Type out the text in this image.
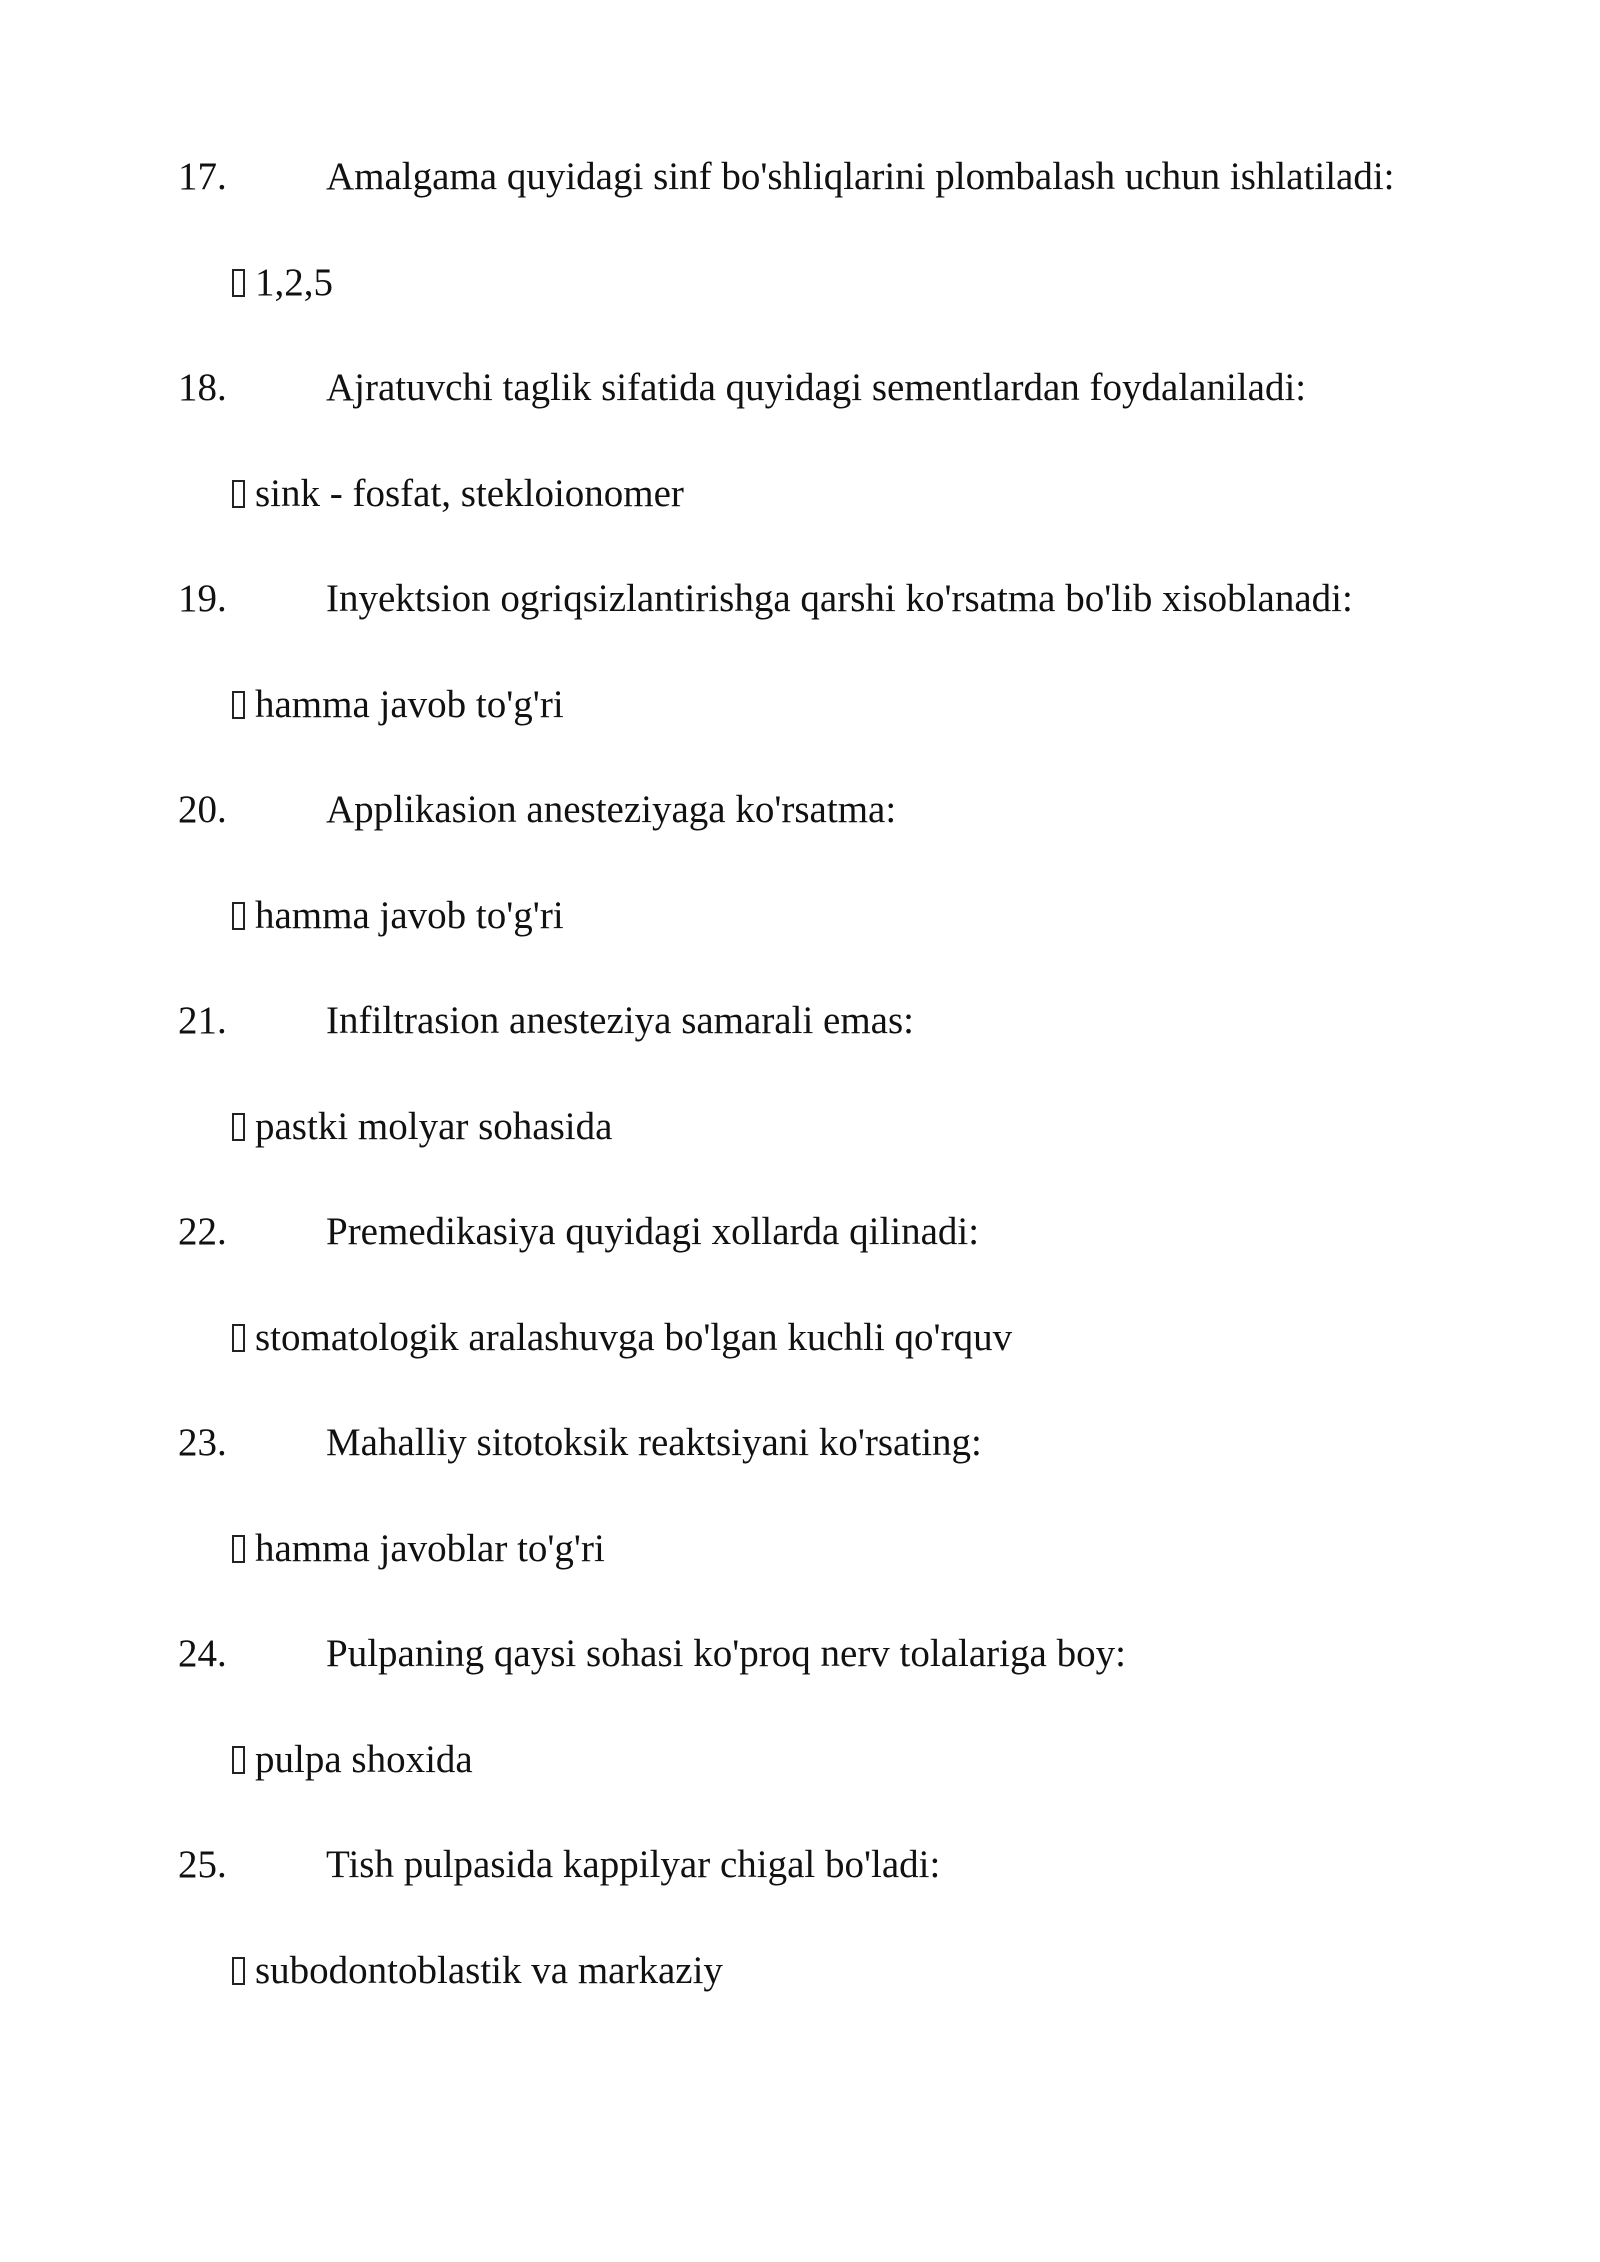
17.	Amalgama quyidagi sinf bo'shliqlarini plombalash uchun ishlatiladi:
1,2,5
18.	Ajratuvchi taglik sifatida quyidagi sementlardan foydalaniladi:
sink - fosfat, stekloionomer
19.	Inyektsion ogriqsizlantirishga qarshi ko'rsatma bo'lib xisoblanadi:
hamma javob to'g'ri
20.	Applikasion anesteziyaga ko'rsatma:
hamma javob to'g'ri
21.	Infiltrasion anesteziya samarali emas:
pastki molyar sohasida
22.	Premedikasiya quyidagi xollarda qilinadi:
stomatologik aralashuvga bo'lgan kuchli qo'rquv
23.	Mahalliy sitotoksik reaktsiyani ko'rsating:
hamma javoblar to'g'ri
24.	Pulpaning qaysi sohasi ko'proq nerv tolalariga boy:
pulpa shoxida
25.	Tish pulpasida kappilyar chigal bo'ladi:
subodontoblastik va markaziy
